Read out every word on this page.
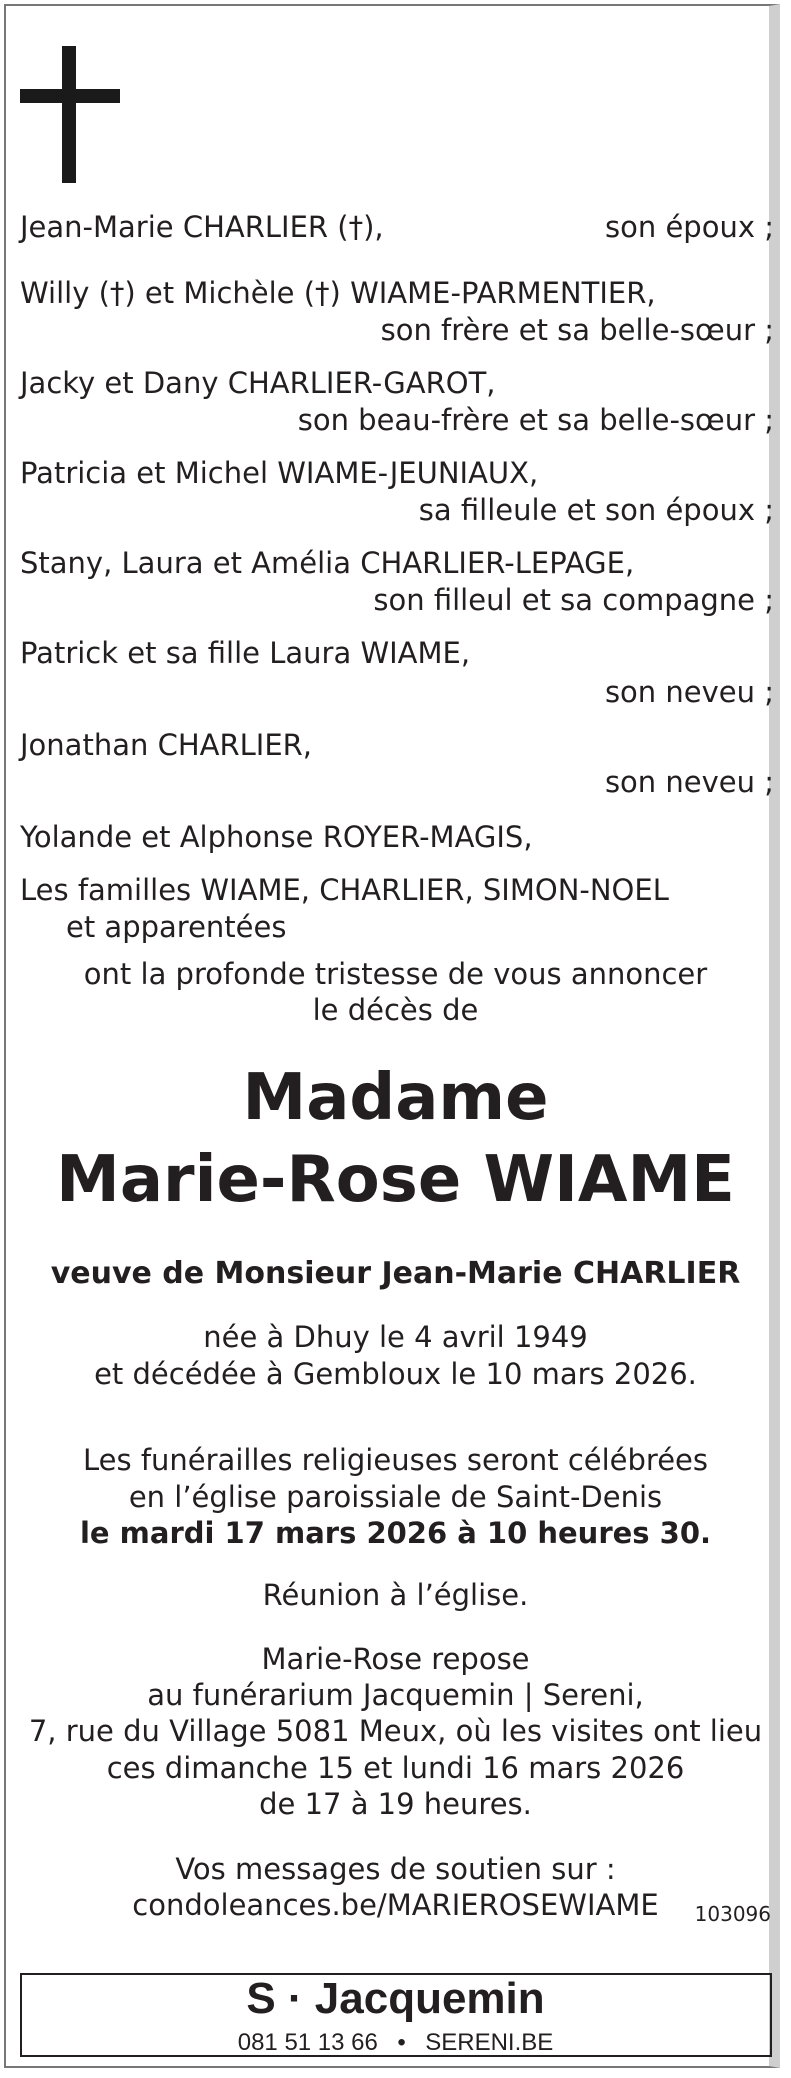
Jean-Marie CHARLIER (†),	son époux ;
Willy (†) et Michèle (†) WIAME-PARMENTIER,
son frère et sa belle-sœur ;
Jacky et Dany CHARLIER-GAROT,
son beau-frère et sa belle-sœur ;
Patricia et Michel WIAME-JEUNIAUX,
sa filleule et son époux ;
Stany, Laura et Amélia CHARLIER-LEPAGE,
son filleul et sa compagne ;
Patrick et sa fille Laura WIAME,
son neveu ;
Jonathan CHARLIER,
son neveu ;
Yolande et Alphonse ROYER-MAGIS,
Les familles WIAME, CHARLIER, SIMON-NOEL
et apparentées
ont la profonde tristesse de vous annoncer
le décès de
Madame
Marie-Rose WIAME
veuve de Monsieur Jean-Marie CHARLIER
née à Dhuy le 4 avril 1949
et décédée à Gembloux le 10 mars 2026.
Les funérailles religieuses seront célébrées
en l’église paroissiale de Saint-Denis
le mardi 17 mars 2026 à 10 heures 30.
Réunion à l’église.
Marie-Rose repose
au funérarium Jacquemin | Sereni,
7, rue du Village 5081 Meux, où les visites ont lieu
ces dimanche 15 et lundi 16 mars 2026
de 17 à 19 heures.
Vos messages de soutien sur :
condoleances.be/MARIEROSEWIAME	103096
S · Jacquemin
081 51 13 66 • SERENI.BE
